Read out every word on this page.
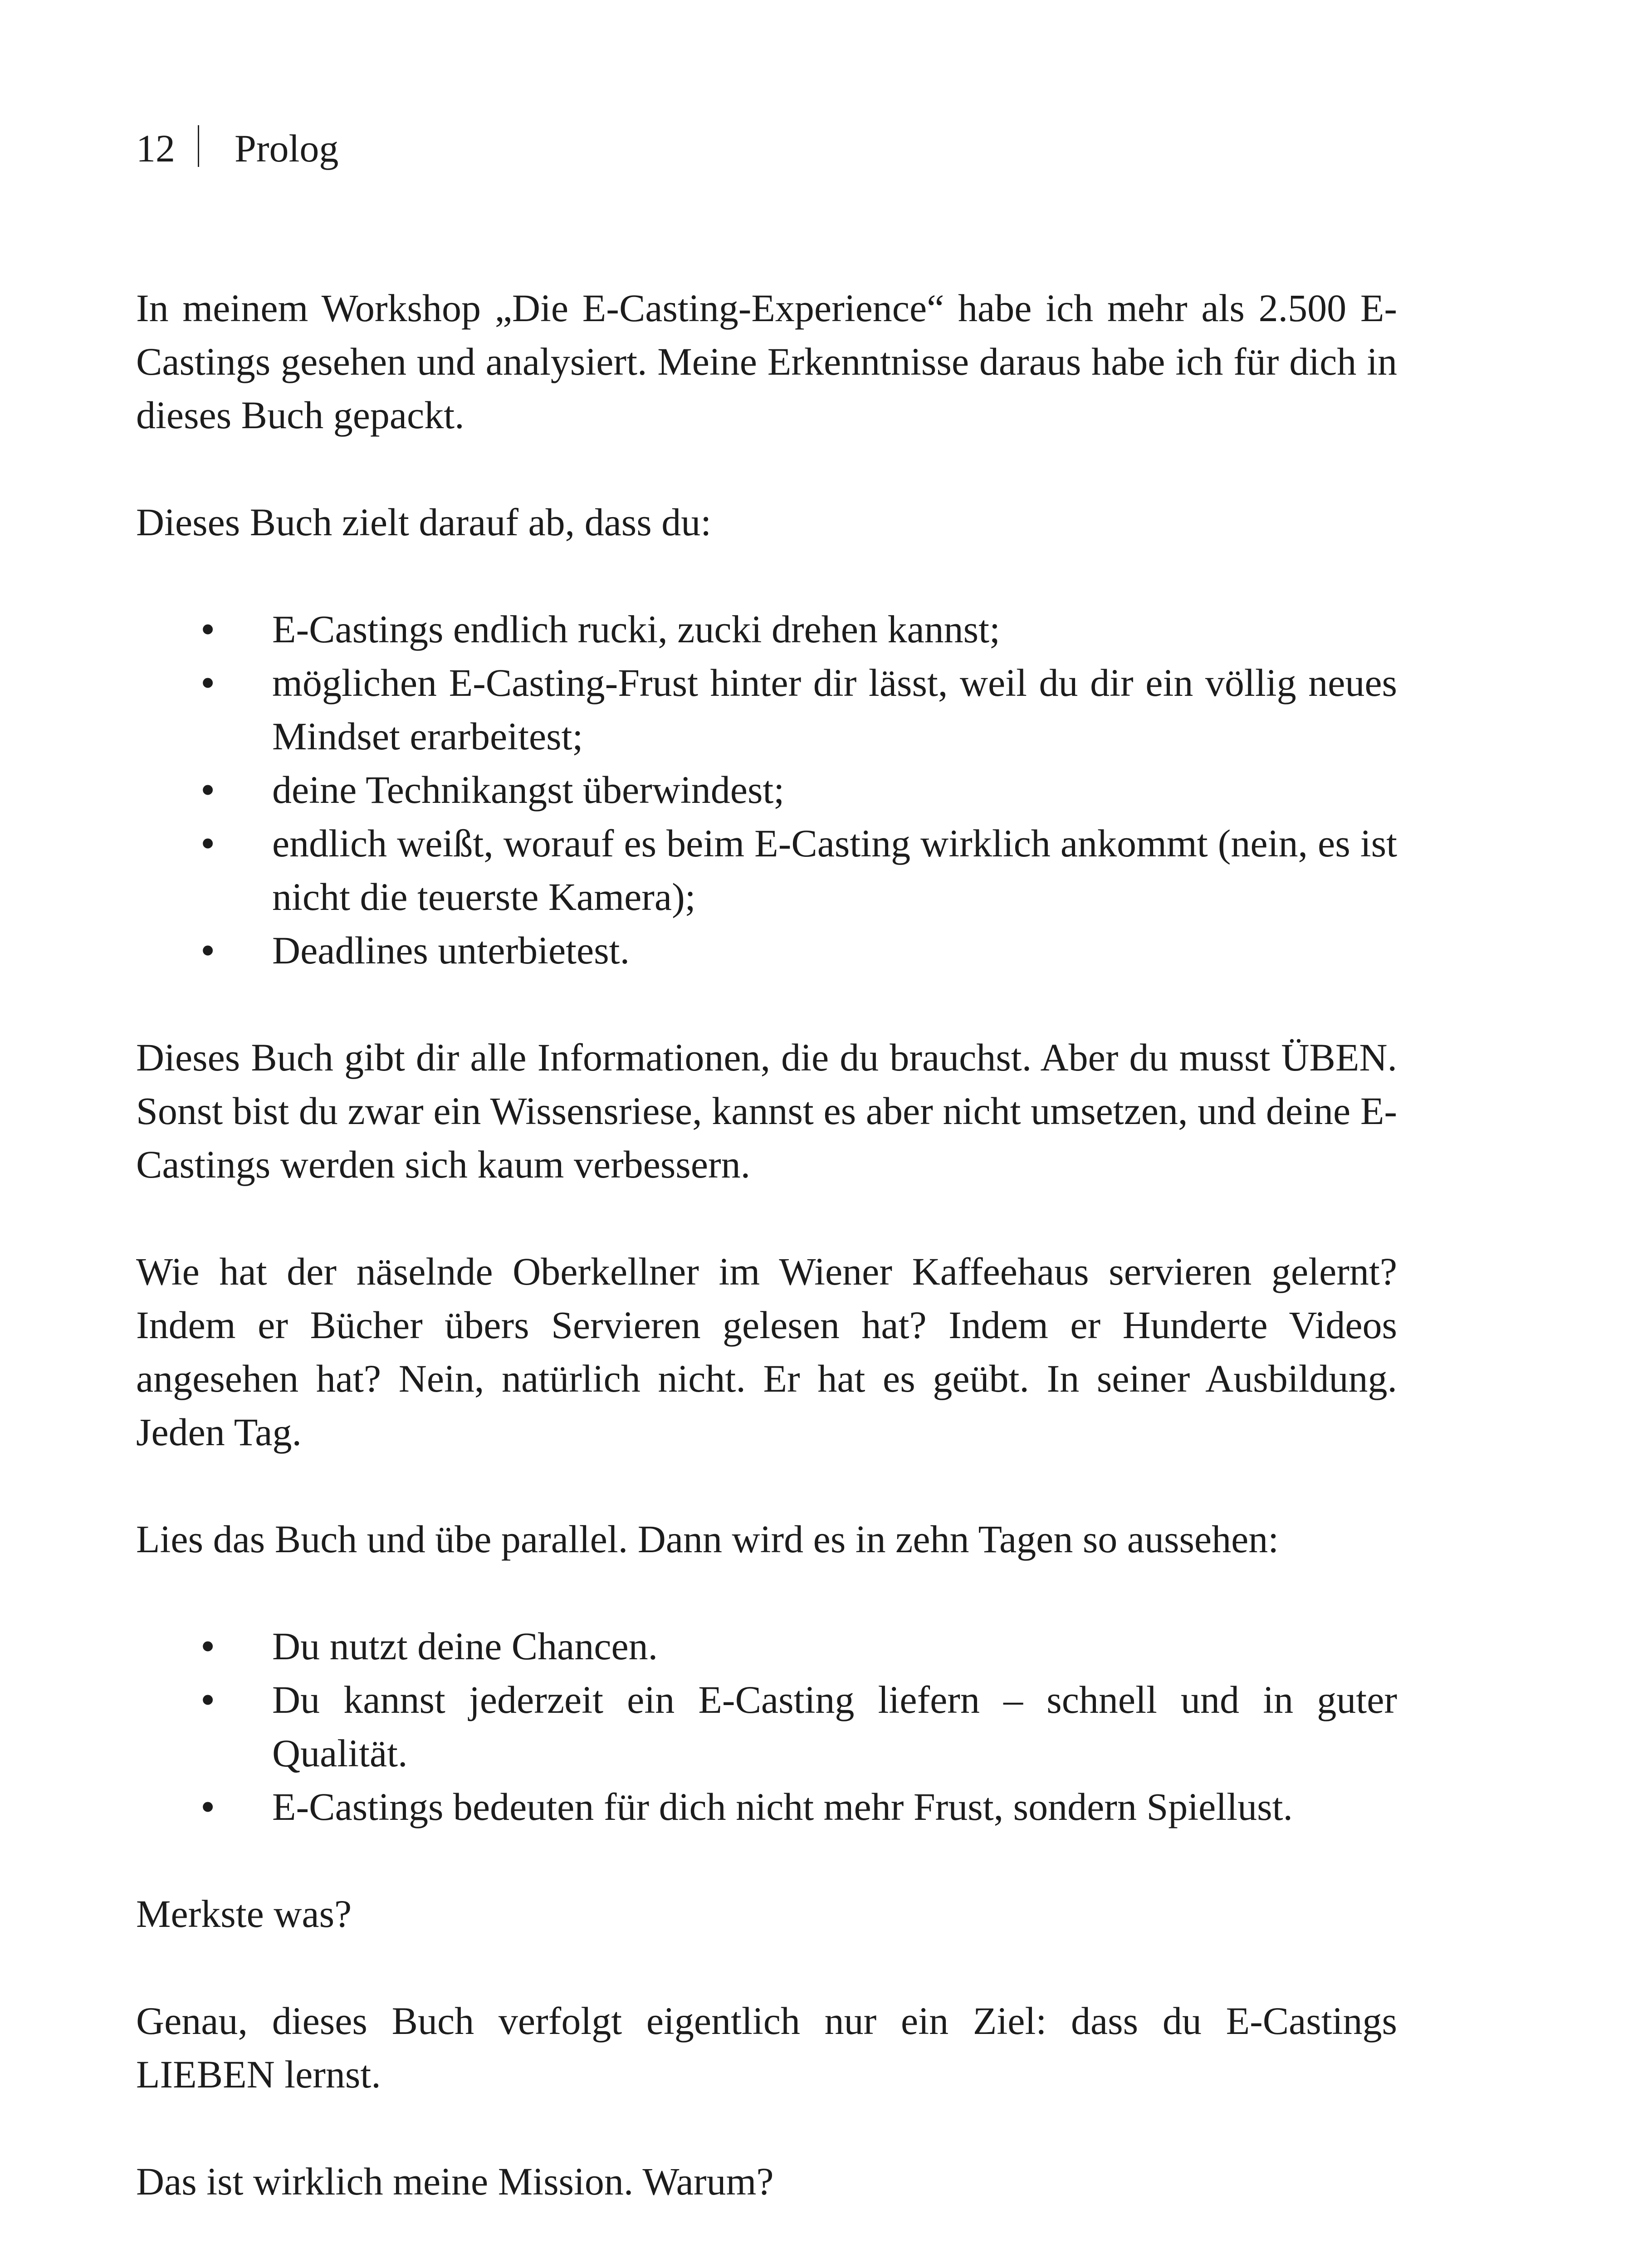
12 Prolog

In meinem Workshop „Die E-Casting-Experience“ habe ich mehr als 2.500 E-Castings gesehen und analysiert. Meine Erkenntnisse daraus habe ich für dich in dieses Buch gepackt.

Dieses Buch zielt darauf ab, dass du:

• E-Castings endlich rucki, zucki drehen kannst;
• möglichen E-Casting-Frust hinter dir lässt, weil du dir ein völlig neues Mindset erarbeitest;
• deine Technikangst überwindest;
• endlich weißt, worauf es beim E-Casting wirklich ankommt (nein, es ist nicht die teuerste Kamera);
• Deadlines unterbietest.

Dieses Buch gibt dir alle Informationen, die du brauchst. Aber du musst ÜBEN. Sonst bist du zwar ein Wissensriese, kannst es aber nicht umsetzen, und deine E-Castings werden sich kaum verbessern.

Wie hat der näselnde Oberkellner im Wiener Kaffeehaus servieren gelernt? Indem er Bücher übers Servieren gelesen hat? Indem er Hunderte Videos angesehen hat? Nein, natürlich nicht. Er hat es geübt. In seiner Ausbildung. Jeden Tag.

Lies das Buch und übe parallel. Dann wird es in zehn Tagen so aussehen:

• Du nutzt deine Chancen.
• Du kannst jederzeit ein E-Casting liefern – schnell und in guter Qualität.
• E-Castings bedeuten für dich nicht mehr Frust, sondern Spiellust.

Merkste was?

Genau, dieses Buch verfolgt eigentlich nur ein Ziel: dass du E-Castings LIEBEN lernst.

Das ist wirklich meine Mission. Warum?
